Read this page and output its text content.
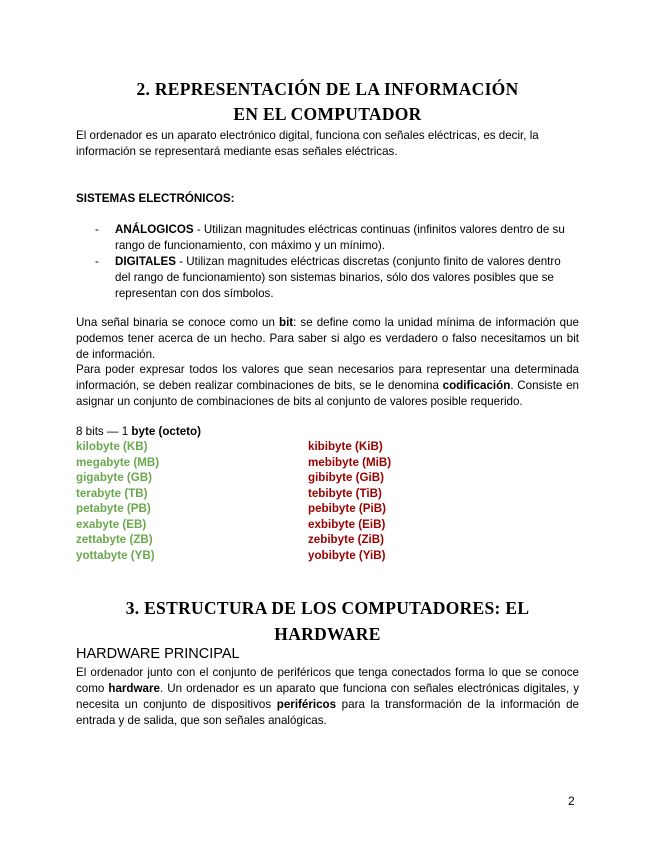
2. REPRESENTACIÓN DE LA INFORMACIÓN
EN EL COMPUTADOR
El ordenador es un aparato electrónico digital, funciona con señales eléctricas, es decir, la información se representará mediante esas señales eléctricas.
SISTEMAS ELECTRÓNICOS:
- ANÁLOGICOS - Utilizan magnitudes eléctricas continuas (infinitos valores dentro de su rango de funcionamiento, con máximo y un mínimo).
- DIGITALES - Utilizan magnitudes eléctricas discretas (conjunto finito de valores dentro del rango de funcionamiento) son sistemas binarios, sólo dos valores posibles que se representan con dos símbolos.
Una señal binaria se conoce como un bit: se define como la unidad mínima de información que podemos tener acerca de un hecho. Para saber si algo es verdadero o falso necesitamos un bit de información.
Para poder expresar todos los valores que sean necesarios para representar una determinada información, se deben realizar combinaciones de bits, se le denomina codificación. Consiste en asignar un conjunto de combinaciones de bits al conjunto de valores posible requerido.
8 bits — 1 byte (octeto)
kilobyte (KB)
megabyte (MB)
gigabyte (GB)
terabyte (TB)
petabyte (PB)
exabyte (EB)
zettabyte (ZB)
yottabyte (YB)
kibibyte (KiB)
mebibyte (MiB)
gibibyte (GiB)
tebibyte (TiB)
pebibyte (PiB)
exbibyte (EiB)
zebibyte (ZiB)
yobibyte (YiB)
3. ESTRUCTURA DE LOS COMPUTADORES: EL
HARDWARE
HARDWARE PRINCIPAL
El ordenador junto con el conjunto de periféricos que tenga conectados forma lo que se conoce como hardware. Un ordenador es un aparato que funciona con señales electrónicas digitales, y necesita un conjunto de dispositivos periféricos para la transformación de la información de entrada y de salida, que son señales analógicas.
2
